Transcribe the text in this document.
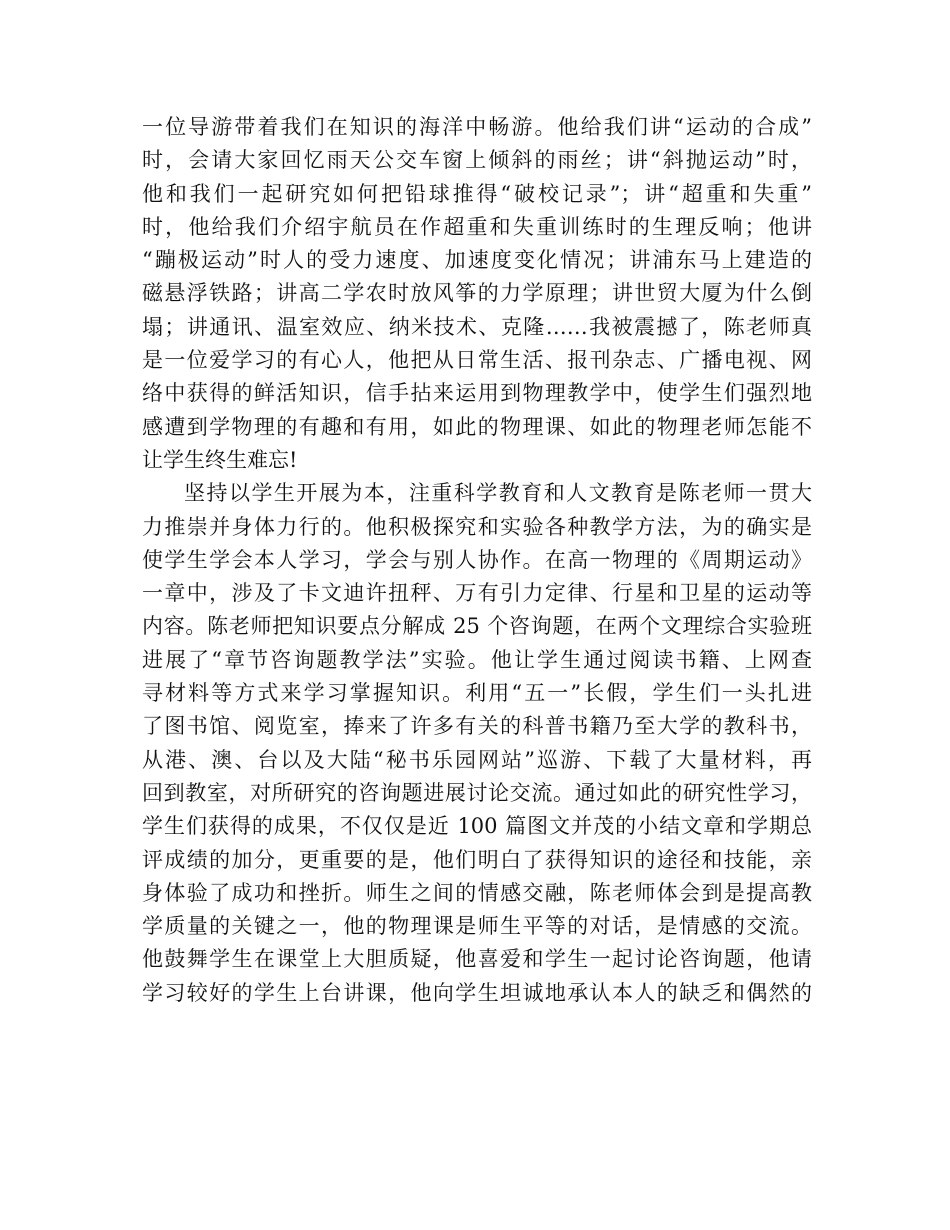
一位导游带着我们在知识的海洋中畅游。他给我们讲“运动的合成”
时，会请大家回忆雨天公交车窗上倾斜的雨丝；讲“斜抛运动”时，
他和我们一起研究如何把铅球推得“破校记录”；讲“超重和失重”
时，他给我们介绍宇航员在作超重和失重训练时的生理反响；他讲
“蹦极运动”时人的受力速度、加速度变化情况；讲浦东马上建造的
磁悬浮铁路；讲高二学农时放风筝的力学原理；讲世贸大厦为什么倒
塌；讲通讯、温室效应、纳米技术、克隆……我被震撼了，陈老师真
是一位爱学习的有心人，他把从日常生活、报刊杂志、广播电视、网
络中获得的鲜活知识，信手拈来运用到物理教学中，使学生们强烈地
感遭到学物理的有趣和有用，如此的物理课、如此的物理老师怎能不
让学生终生难忘!
坚持以学生开展为本，注重科学教育和人文教育是陈老师一贯大
力推崇并身体力行的。他积极探究和实验各种教学方法，为的确实是
使学生学会本人学习，学会与别人协作。在高一物理的《周期运动》
一章中，涉及了卡文迪许扭秤、万有引力定律、行星和卫星的运动等
内容。陈老师把知识要点分解成 25 个咨询题，在两个文理综合实验班
进展了“章节咨询题教学法”实验。他让学生通过阅读书籍、上网查
寻材料等方式来学习掌握知识。利用“五一”长假，学生们一头扎进
了图书馆、阅览室，捧来了许多有关的科普书籍乃至大学的教科书，
从港、澳、台以及大陆“秘书乐园网站”巡游、下载了大量材料，再
回到教室，对所研究的咨询题进展讨论交流。通过如此的研究性学习，
学生们获得的成果，不仅仅是近 100 篇图文并茂的小结文章和学期总
评成绩的加分，更重要的是，他们明白了获得知识的途径和技能，亲
身体验了成功和挫折。师生之间的情感交融，陈老师体会到是提高教
学质量的关键之一，他的物理课是师生平等的对话，是情感的交流。
他鼓舞学生在课堂上大胆质疑，他喜爱和学生一起讨论咨询题，他请
学习较好的学生上台讲课，他向学生坦诚地承认本人的缺乏和偶然的
